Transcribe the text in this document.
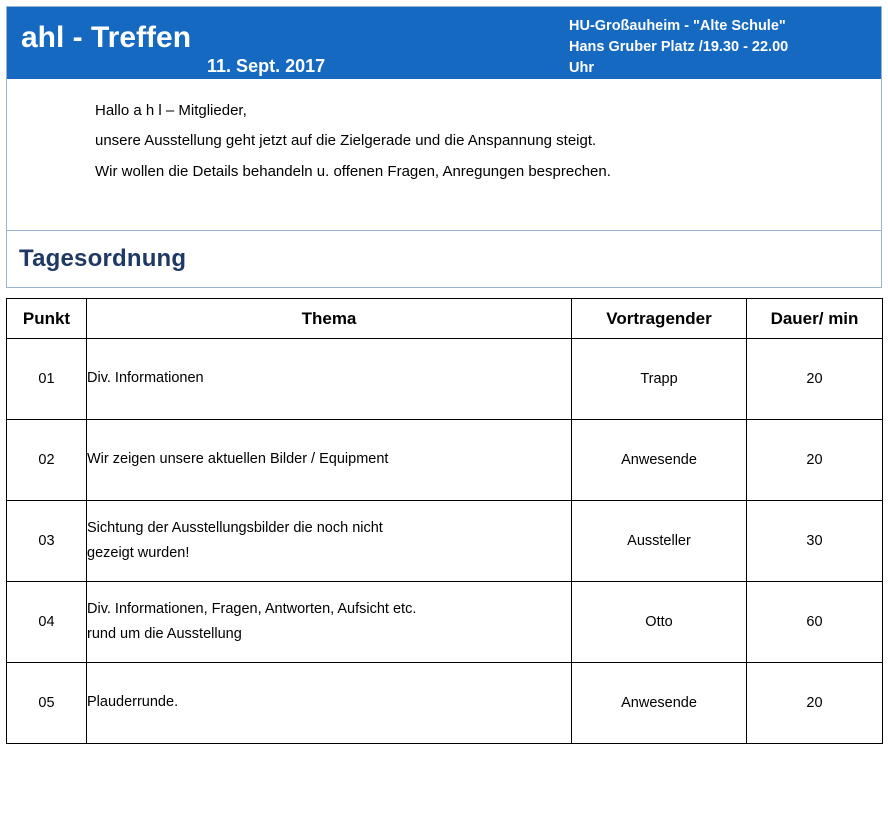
ahl - Treffen
11. Sept. 2017
HU-Großauheim - "Alte Schule"
Hans Gruber Platz /19.30 - 22.00
Uhr

Hallo a h l – Mitglieder,

unsere Ausstellung geht jetzt auf die Zielgerade und die Anspannung steigt.

Wir wollen die Details behandeln u. offenen Fragen, Anregungen besprechen.

Tagesordnung
Punkt	Thema	Vortragender	Dauer/ min
01	Div. Informationen	Trapp	20
02	Wir zeigen unsere aktuellen Bilder / Equipment	Anwesende	20
03	Sichtung der Ausstellungsbilder die noch nicht
gezeigt wurden!	Aussteller	30
04	Div. Informationen, Fragen, Antworten, Aufsicht etc.
rund um die Ausstellung	Otto	60
05	Plauderrunde.	Anwesende	20
